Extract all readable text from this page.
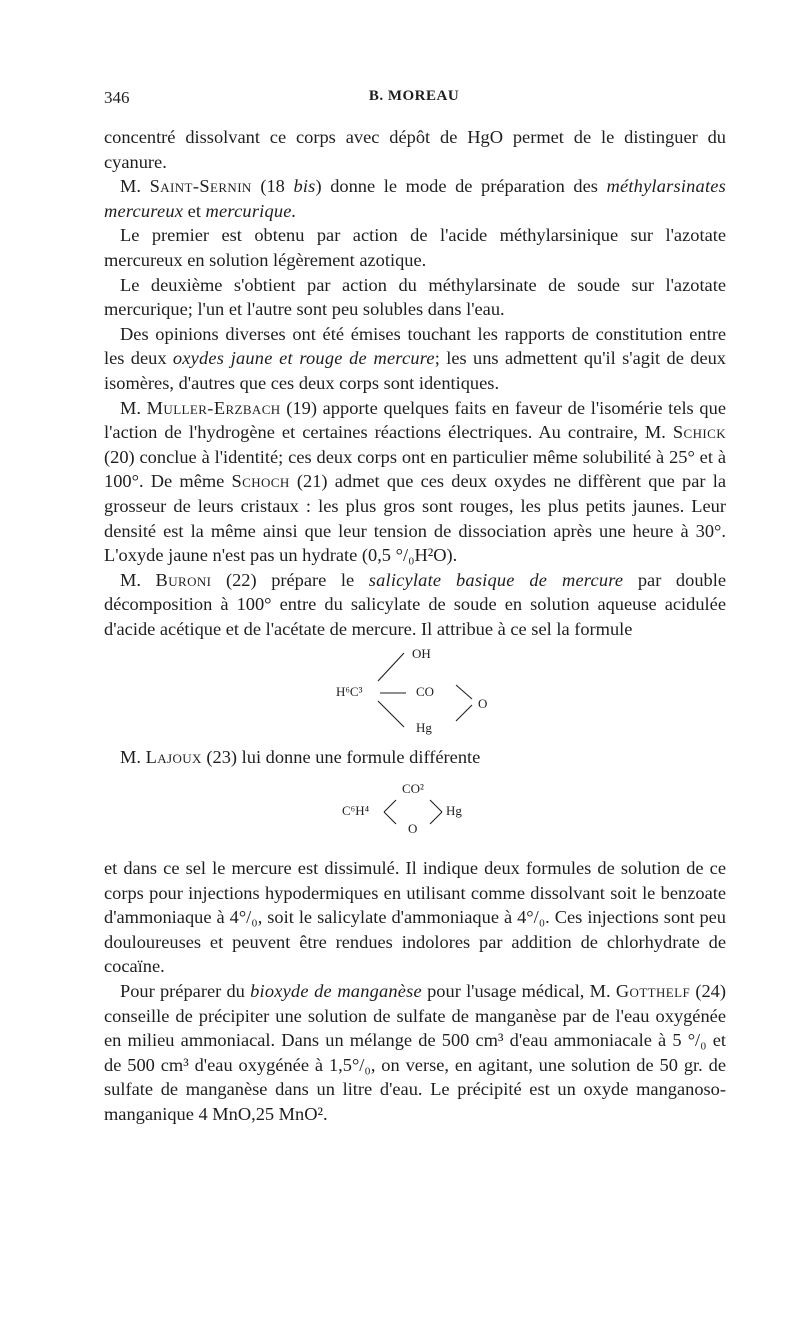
346	B. MOREAU

concentré dissolvant ce corps avec dépôt de HgO permet de le distinguer du cyanure.

M. Saint-Sernin (18 bis) donne le mode de préparation des méthylarsinates mercureux et mercurique.

Le premier est obtenu par action de l'acide méthylarsinique sur l'azotate mercureux en solution légèrement azotique.

Le deuxième s'obtient par action du méthylarsinate de soude sur l'azotate mercurique; l'un et l'autre sont peu solubles dans l'eau.

Des opinions diverses ont été émises touchant les rapports de constitution entre les deux oxydes jaune et rouge de mercure; les uns admettent qu'il s'agit de deux isomères, d'autres que ces deux corps sont identiques.

M. Muller-Erzbach (19) apporte quelques faits en faveur de l'isomérie tels que l'action de l'hydrogène et certaines réactions électriques. Au contraire, M. Schick (20) conclue à l'identité; ces deux corps ont en particulier même solubilité à 25° et à 100°. De même Schoch (21) admet que ces deux oxydes ne diffèrent que par la grosseur de leurs cristaux : les plus gros sont rouges, les plus petits jaunes. Leur densité est la même ainsi que leur tension de dissociation après une heure à 30°. L'oxyde jaune n'est pas un hydrate (0,5 °/₀H²O).

M. Buroni (22) prépare le salicylate basique de mercure par double décomposition à 100° entre du salicylate de soude en solution aqueuse acidulée d'acide acétique et de l'acétate de mercure. Il attribue à ce sel la formule

H⁶C³
OH
CO
Hg
O

M. Lajoux (23) lui donne une formule différente

C⁶H⁴
CO²
O
Hg

et dans ce sel le mercure est dissimulé. Il indique deux formules de solution de ce corps pour injections hypodermiques en utilisant comme dissolvant soit le benzoate d'ammoniaque à 4°/₀, soit le salicylate d'ammoniaque à 4°/₀. Ces injections sont peu douloureuses et peuvent être rendues indolores par addition de chlorhydrate de cocaïne.

Pour préparer du bioxyde de manganèse pour l'usage médical, M. Gotthelf (24) conseille de précipiter une solution de sulfate de manganèse par de l'eau oxygénée en milieu ammoniacal. Dans un mélange de 500 cm³ d'eau ammoniacale à 5 °/₀ et de 500 cm³ d'eau oxygénée à 1,5°/₀, on verse, en agitant, une solution de 50 gr. de sulfate de manganèse dans un litre d'eau. Le précipité est un oxyde manganoso-manganique 4 MnO,25 MnO².
